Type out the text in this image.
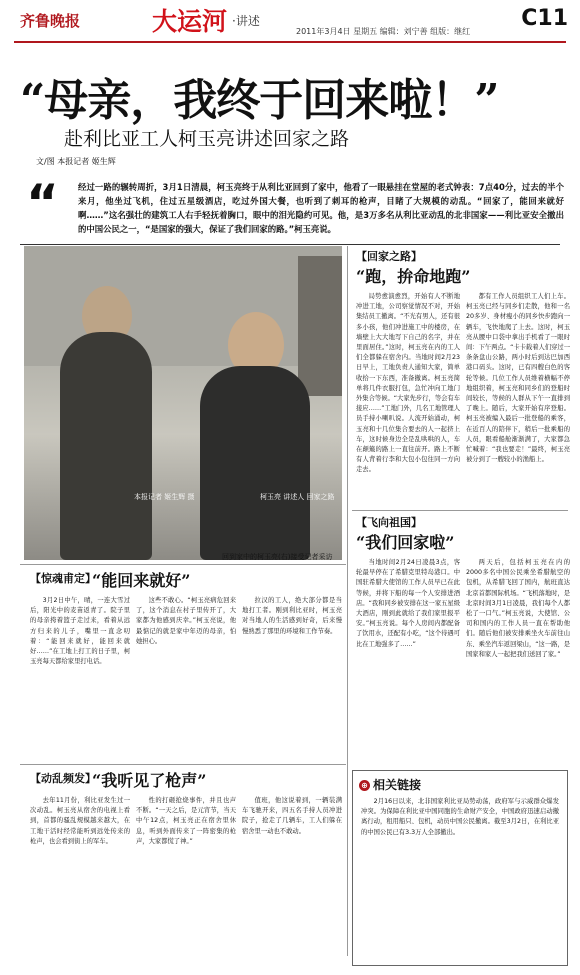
齐鲁晚报	大运河 ·讲述	C11
2011年3月4日 星期五 编辑：刘宁善 组版：继红
“母亲，我终于回来啦！”
赴利比亚工人柯玉亮讲述回家之路
文/图 本报记者 姬生辉
“ 经过一路的辗转周折，3月1日清晨，柯玉亮终于从利比亚回到了家中，他看了一眼悬挂在堂屋的老式钟表：7点40分，过去的半个来月，他坐过飞机，住过五星级酒店，吃过外国大餐，也听到了刺耳的枪声，目睹了大规模的动乱。“回家了，能回来就好啊……”这名强壮的建筑工人右手轻抚着胸口，眼中的泪光隐约可见。他，是3万多名从利比亚动乱的北非国家——利比亚安全撤出的中国公民之一，“是国家的强大，保证了我们回家的路。”柯玉亮说。
本报记者 姬生辉 摄	柯玉亮 讲述人 回家之路
回到家中的柯玉亮(右)接受记者采访
【回家之路】
“跑，拚命地跑”
局势愈演愈烈，开始有人不断地冲进工地，公司察觉情况不对，开始集结员工撤离。“不光有男人，还有很多小孩，他们冲进施工中的楼房，在墙壁上大大地写下自己的名字，并在里面居住。”这时，柯玉亮在内的工人们全都躲在宿舍内。当地时间2月23日早上，工地负责人通知大家，简单收拾一下东西，准备撤离。柯玉亮简单将几件衣服打包，急忙冲向工地门外集合等候。“大家先步行，等会有车接应……”工地门外，几名工地管理人员手持小喇叭说。人流开始涌动，柯玉亮和十几位集合要去的人一起挤上车，这时候身边全是乱哄哄的人，车在颠簸的路上一直往前开。路上不断有人背着行李和大包小包往同一方向走去。
都有工作人员组织工人们上车。柯玉亮已经与同乡们走散，他和一名20多岁、身材瘦小的同乡快步跑向一辆车，飞快地爬了上去。这时，柯玉亮从腰中口袋中拿出手机看了一眼时间：下午两点。“卡卡载着人们穿过一条条盘山公路，两小时后到达巴加西港口码头。这时，已有四艘白色的客轮等候。几位工作人员维着横幅不停地组织着，柯玉亮和同乡们的登船时间较长，等候的人群从下午一直排到了晚上。随后，大家开始有序登船。柯玉亮被编入最后一批登船的乘客，在近百人的陪伴下，稍后一批乘船的人员，眼看船舱渐渐满了，大家都急忙喊着：“我也要走！”最终，柯玉亮被分到了一艘较小的渔船上。
【飞向祖国】
“我们回家啦”
当地时间2月24日凌晨3点，客轮最早停在了希腊克里特岛港口。中国驻希腊大使馆的工作人员早已在此等候，并将下船的每一个人安排进酒店。“我和同乡被安排在这一家五星级大酒店，刚到此就给了我们家里报平安。”柯玉亮说。每个人房间内都配备了饮用水，还配有小吃，“这个待遇可比在工地强多了……”
两天后，包括柯玉亮在内的2000多名中国公民乘坐希腊航空的包机，从希腊飞回了国内，航班直达北京首都国际机场。“飞机落地时，是北京时间3月1日凌晨，我们每个人都松了一口气。”柯玉亮说，大使馆、公司和国内的工作人员一直在帮助他们。随后他们被安排乘坐火车前往山东、乘坐汽车返回梁山，“这一路，是国家和家人一起把我们送回了家。”
【惊魂甫定】
“能回来就好”
3月2日中午，晴，一连大雪过后，阳光中的麦苗返青了。院子里的母亲挎着篮子走过来，看着从远方归来的儿子，嘴里一直念叨着：“能回来就好，能回来就好……”在工地上打工的日子里，柯玉亮每天都给家里打电话。
这些不敢心。“柯玉亮病危回来了，这个消息在村子里传开了，大家都为他感到庆幸。”柯玉亮说，他最惦记的就是家中年迈的母亲，怕她担心。
拉汉的工人，绝大部分都是当地打工者。刚到利比亚时，柯玉亮对当地人的生活感到好奇，后来慢慢熟悉了那里的环境和工作节奏。
【动乱频发】
“我听见了枪声”
去年11月份，利比亚发生过一次动乱。柯玉亮从宿舍的电视上看到，首都的骚乱规模越来越大，在工地干活时经常能听到远处传来的枪声，也会看到街上的军车。
性的打砸抢烧事件，并且也声不断。“一天之后，是元宵节，当天中午12点，柯玉亮正在宿舍里休息，听到外面传来了一阵密集的枪声，大家都慌了神。”
值班，他这说着到，一辆装满车飞驰开来，四五名手持人员冲进院子，抢走了几辆车，工人们躲在宿舍里一动也不敢动。
⊕ 相关链接
2月16日以来，北非国家利比亚局势动荡，政府军与示威群众爆发冲突。为保障在利比亚中国同胞的生命财产安全，中国政府迅速启动撤离行动，租用船只、包机，动员中国公民撤离。截至3月2日，在利比亚的中国公民已有3.3万人全部撤出。
